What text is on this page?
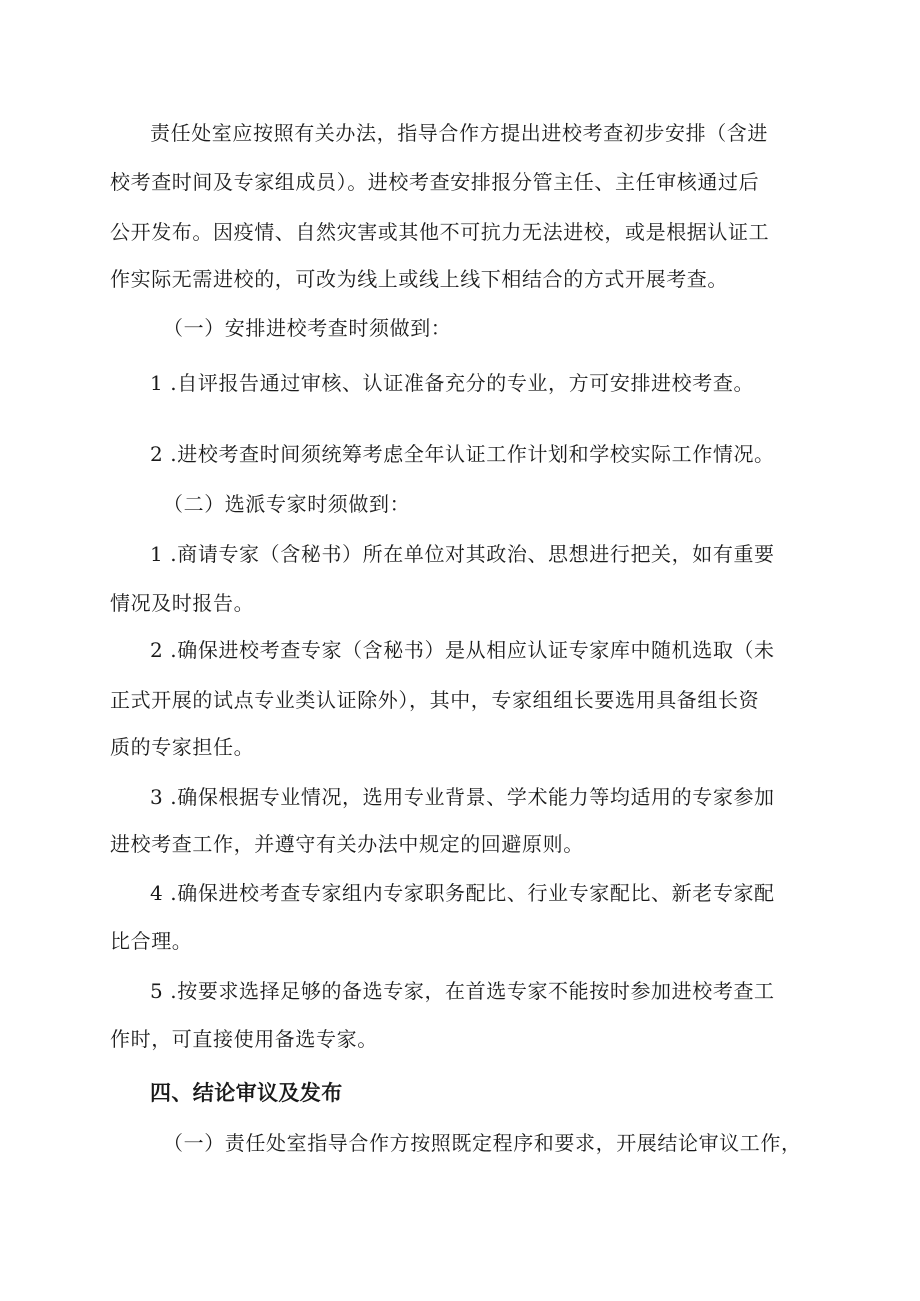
责任处室应按照有关办法，指导合作方提出进校考查初步安排（含进
校考查时间及专家组成员）。进校考查安排报分管主任、主任审核通过后
公开发布。因疫情、自然灾害或其他不可抗力无法进校，或是根据认证工
作实际无需进校的，可改为线上或线上线下相结合的方式开展考查。
（一）安排进校考查时须做到：
1 .自评报告通过审核、认证准备充分的专业，方可安排进校考查。
2 .进校考查时间须统筹考虑全年认证工作计划和学校实际工作情况。
（二）选派专家时须做到：
1 .商请专家（含秘书）所在单位对其政治、思想进行把关，如有重要
情况及时报告。
2 .确保进校考查专家（含秘书）是从相应认证专家库中随机选取（未
正式开展的试点专业类认证除外），其中，专家组组长要选用具备组长资
质的专家担任。
3 .确保根据专业情况，选用专业背景、学术能力等均适用的专家参加
进校考查工作，并遵守有关办法中规定的回避原则。
4 .确保进校考查专家组内专家职务配比、行业专家配比、新老专家配
比合理。
5 .按要求选择足够的备选专家，在首选专家不能按时参加进校考查工
作时，可直接使用备选专家。
四、结论审议及发布
（一）责任处室指导合作方按照既定程序和要求，开展结论审议工作，
